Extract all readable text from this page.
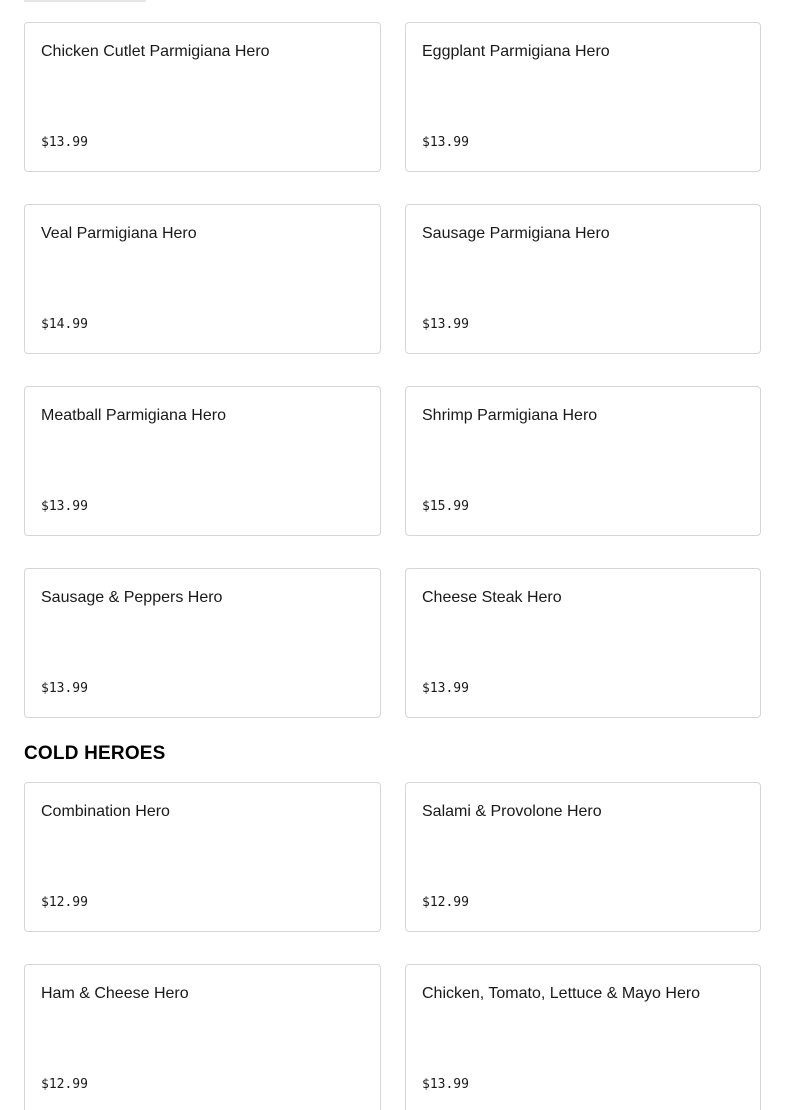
Chicken Cutlet Parmigiana Hero
$13.99
Eggplant Parmigiana Hero
$13.99
Veal Parmigiana Hero
$14.99
Sausage Parmigiana Hero
$13.99
Meatball Parmigiana Hero
$13.99
Shrimp Parmigiana Hero
$15.99
Sausage & Peppers Hero
$13.99
Cheese Steak Hero
$13.99
COLD HEROES
Combination Hero
$12.99
Salami & Provolone Hero
$12.99
Ham & Cheese Hero
$12.99
Chicken, Tomato, Lettuce & Mayo Hero
$13.99
